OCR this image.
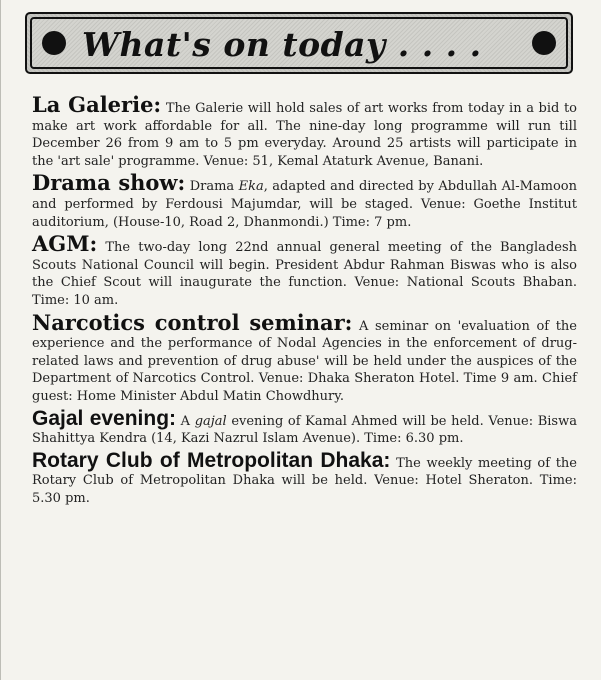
What's on today . . . .
La Galerie: The Galerie will hold sales of art works from today in a bid to make art work affordable for all. The nine-day long programme will run till December 26 from 9 am to 5 pm everyday. Around 25 artists will participate in the 'art sale' programme. Venue: 51, Kemal Ataturk Avenue, Banani.
Drama show: Drama Eka, adapted and directed by Abdullah Al-Mamoon and performed by Ferdousi Majumdar, will be staged. Venue: Goethe Institut auditorium, (House-10, Road 2, Dhanmondi.) Time: 7 pm.
AGM: The two-day long 22nd annual general meeting of the Bangladesh Scouts National Council will begin. President Abdur Rahman Biswas who is also the Chief Scout will inaugurate the function. Venue: National Scouts Bhaban. Time: 10 am.
Narcotics control seminar: A seminar on 'evaluation of the experience and the performance of Nodal Agencies in the enforcement of drug-related laws and prevention of drug abuse' will be held under the auspices of the Department of Narcotics Control. Venue: Dhaka Sheraton Hotel. Time 9 am. Chief guest: Home Minister Abdul Matin Chowdhury.
Gajal evening: A gajal evening of Kamal Ahmed will be held. Venue: Biswa Shahittya Kendra (14, Kazi Nazrul Islam Avenue). Time: 6.30 pm.
Rotary Club of Metropolitan Dhaka: The weekly meeting of the Rotary Club of Metropolitan Dhaka will be held. Venue: Hotel Sheraton. Time: 5.30 pm.
